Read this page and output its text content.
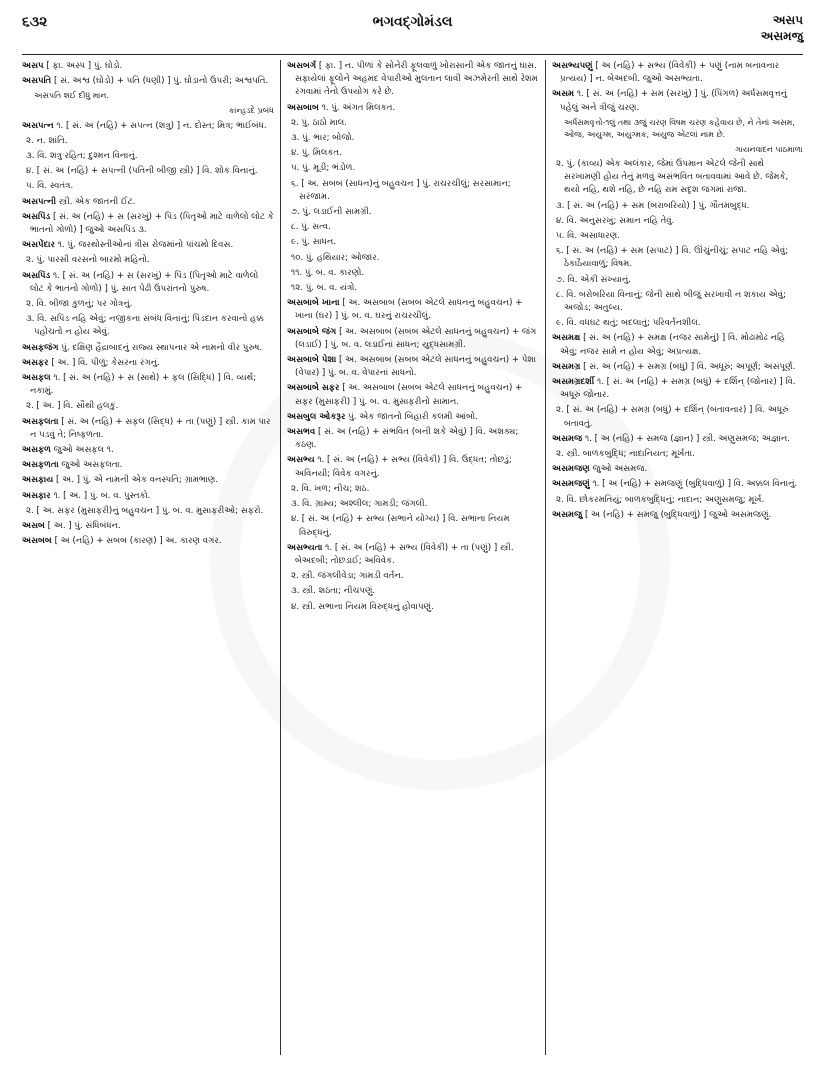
૬૩૨	ભગવદ્ગોમંડલ	અસપ
અસમજુ
અસપ [ ફા. અસ્પ ] પું. ઘોડો.
અસપતિ [ સં. અશ્વ (ઘોડો) + પતિ (ધણી) ] પું. ઘોડાનો ઉપરી; અશ્વપતિ.
અસપતિ શઈ દીધું માન.
કાન્હડદે પ્રબંધ
અસપત્ન ૧. [ સં. અ (નહિ) + સપત્ન (શત્રુ) ] ન. દોસ્ત; મિત્ર; ભાઈબંધ.
૨. ન. શાંતિ.
૩. વિ. શત્રુ રહિત; દુશ્મન વિનાનું.
૪. [ સં. અ (નહિ) + સપત્ની (પતિની બીજી સ્ત્રી) ] વિ. શોક વિનાનું.
૫. વિ. સ્વતંત્ર.
અસપત્ની સ્ત્રી. એક જાતની ઈંટ.
અસપિંડ [ સં. અ (નહિ) + સ (સરખું) + પિંડ (પિતૃઓ માટે વાળેલો લોટ કે ભાતનો ગોળો) ] જુઓ અસપિંડ ૩.
અસપેંદાર ૧. પું. જરથોસ્તીઓનાં ત્રીસ રોજમાંનો પાંચમો દિવસ.
૨. પું. પારસી વરસનો બારમો મહિનો.
અસપિંડ ૧. [ સં. અ (નહિ) + સ (સરખું) + પિંડ (પિતૃઓ માટે વાળેલો લોટ કે ભાતનો ગોળો) ] પું. સાત પેઢી ઉપરાંતનો પુરુષ.
૨. વિ. બીજા કુળનું; પર ગોત્રનું.
૩. વિ. સપિંડ નહિ એવું; નજીકના સંબંધ વિનાનું; પિંડદાન કરવાનો હક્ક પહોંચતો ન હોય એવું.
અસફજંગ પું. દક્ષિણ હૈદ્રાબાદનું રાજ્ય સ્થાપનાર એ નામનો વીર પુરુષ.
અસફર [ અ. ] વિ. પીળું; કેસરના રંગનું.
અસફલ ૧. [ સં. અ (નહિ) + સ (સાથે) + ફલ (સિદ્ધિ) ] વિ. વ્યર્થ; નકામું.
૨. [ અ. ] વિ. સૌથી હલકું.
અસફલતા [ સં. અ (નહિ) + સફલ (સિદ્ધ) + તા (પણું) ] સ્ત્રી. કામ પાર ન પડવું તે; નિષ્ફળતા.
અસફળ જુઓ અસફલ ૧.
અસફળતા જુઓ અસફલતા.
અસફાય [ અ. ] પું. એ નામની એક વનસ્પતિ; ગ્રામભાણ.
અસફાર ૧. [ અ. ] પું. બ. વ. પુસ્તકો.
૨. [ અ. સફર (મુસાફરી)નું બહુવચન ] પું. બ. વ. મુસાફરીઓ; સફરો.
અસબ [ અ. ] પું. સંધિબંધન.
અસબબ [ અ (નહિ) + સબબ (કારણ) ] અ. કારણ વગર.
અસબર્ગ [ ફા. ] ન. પીળાં કે સોનેરી ફૂલવાળું ખોરાસાની એક જાતનું ઘાસ. સફાયેલાં ફૂલોને અહમદ વેપારીઓ મુલતાન લાવી અઝમેરતી સાથે રેશમ રંગવામાં તેનો ઉપયોગ કરે છે.
અસબાબ ૧. પું. અંગત મિલકત.
૨. પું. ઠાઠો માલ.
૩. પું. ભાર; બોજો.
૪. પું. મિલકત.
૫. પું. મૂડી; ભંડોળ.
૬. [ અ. સબબ (સાધન)નું બહુવચન ] પું. રાચરચીલું; સરસામાન; સરંજામ.
૭. પું. લડાઈની સામગ્રી.
૮. પું. સત્વ.
૯. પું. સાધન.
૧૦. પું. હથિયાર; ઓજાર.
૧૧. પું. બ. વ. કારણો.
૧૨. પું. બ. વ. યંત્રો.
અસબાબે ખાના [ અ. અસબાબ (સબબ એટલે સાધનનું બહુવચન) + ખાના (ઘર) ] પું. બ. વ. ઘરનું રાચરચીલું.
અસબાબે જંગ [ અ. અસબાબ (સબબ એટલે સાધનનું બહુવચન) + જંગ (લડાઈ) ] પું. બ. વ. લડાઈનાં સાધન; યુદ્ધસામગ્રી.
અસબાબે પેશા [ અ. અસબાબ (સબબ એટલે સાધનનું બહુવચન) + પેશા (વેપાર) ] પું. બ. વ. વેપારનાં સાધનો.
અસબાબે સફર [ અ. અસબાબ (સબબ એટલે સાધનનું બહુવચન) + સફર (મુસાફરી) ] પું. બ. વ. મુસાફરીનો સામાન.
અસબુલ ઓકરૂર પું. એક જાતનો બિહારી કલમી આંબો.
અસભવ [ સં. અ (નહિ) + સંભવિત (બની શકે એવું) ] વિ. અશક્ય; કઠણ.
અસભ્ય ૧. [ સં. અ (નહિ) + સભ્ય (વિવેકી) ] વિ. ઉદ્ધત; તોછડું; અવિનયી; વિવેક વગરનું.
૨. વિ. ખળ; નીચ; શઠ.
૩. વિ. ગ્રામ્ય; અશ્લીલ; ગામડી; જંગલી.
૪. [ સં. અ (નહિ) + સભ્ય (સભાને યોગ્ય) ] વિ. સભાના નિયમ વિરુદ્ધનું.
અસભ્યતા ૧. [ સં. અ (નહિ) + સભ્ય (વિવેકી) + તા (પણું) ] સ્ત્રી. બેઅદબી; તોછડાઈ; અવિવેક.
૨. સ્ત્રી. જંગલીવેડા; ગામડી વર્તન.
૩. સ્ત્રી. શઠતા; નીચપણું.
૪. સ્ત્રી. સભાના નિયમ વિરુદ્ધનું હોવાપણું.
અસભ્યપણું [ અ (નહિ) + સભ્ય (વિવેકી) + પણું (નામ બનાવનાર પ્રત્યય) ] ન. બેઅદબી. જુઓ અસભ્યતા.
અસમ ૧. [ સં. અ (નહિ) + સમ (સરખું) ] પું. (પિંગળ) અર્ધસમવૃત્તનું પહેલું અને ત્રીજું ચરણ.
અર્ધસમવૃત્તો-૧લું તથા ૩જું ચરણ વિષમ ચરણ કહેવાય છે, ને તેનાં અસમ, ઓજ, અયુગ્મ, અયુગ્મક, અયુજ એટલાં નામ છે.
ગાયનવાદન પાઠમાળા
૨. પું. (કાવ્ય) એક અલંકાર, જેમાં ઉપમાન એટલે જેની સાથે સરખામણી હોય તેનું મળવું અસંભવિત બતાવવામાં આવે છે. જેમકે, થયો નહિ, થશે નહિ, છે નહિ રામ સદૃશ જગમાં રાજા.
૩. [ સં. અ (નહિ) + સમ (બરાબરિયો) ] પું. ગૌતમબુદ્ધ.
૪. વિ. અનુસરખું; સમાન નહિ તેવું.
૫. વિ. અસાધારણ.
૬. [ સં. અ (નહિ) + સમ (સપાટ) ] વિ. ઊંચુંનીચું; સપાટ નહિ એવું; ઠેકાઠૈયાવાળું; વિષમ.
૭. વિ. એકી સંખ્યાનું.
૮. વિ. બરોબરિયા વિનાનું; જેની સાથે બીજું સરખાવી ન શકાય એવું; અજોડ; અતુલ્ય.
૯. વિ. વધઘટ થતું; બદલાતું; પરિવર્તનશીલ.
અસમક્ષ [ સં. અ (નહિ) + સમક્ષ (નજર સામેનું) ] વિ. મોઢામોઢ નહિ એવું; નજર સામે ન હોય એવું; અપ્રત્યક્ષ.
અસમગ્ર [ સં. અ (નહિ) + સમગ્ર (બધું) ] વિ. અધૂરું; અપૂર્ણ; અસંપૂર્ણ.
અસમગ્રદર્શી ૧. [ સં. અ (નહિ) + સમગ્ર (બધું) + દર્શિન્ (જોનાર) ] વિ. અધૂરું જોનાર.
૨. [ સં. અ (નહિ) + સમગ્ર (બધું) + દર્શિન્ (બતાવનાર) ] વિ. અધૂરું બતાવતું.
અસમજ ૧. [ અ (નહિ) + સમજ (જ્ઞાન) ] સ્ત્રી. અણુસમજ; અજ્ઞાન.
૨. સ્ત્રી. બાળકબુદ્ધિ; નાદાનિયત; મૂર્ખતા.
અસમજણ જુઓ અસમજ.
અસમજણું ૧. [ અ (નહિ) + સમજણું (બુદ્ધિવાળું) ] વિ. અક્કલ વિનાનું.
૨. વિ. છોકરમતિયું; બાળકબુદ્ધિનું; નાદાન; અણુસમજુ; મૂર્ખ.
અસમજુ [ અ (નહિ) + સમજુ (બુદ્ધિવાળું) ] જુઓ અસમજણું.
